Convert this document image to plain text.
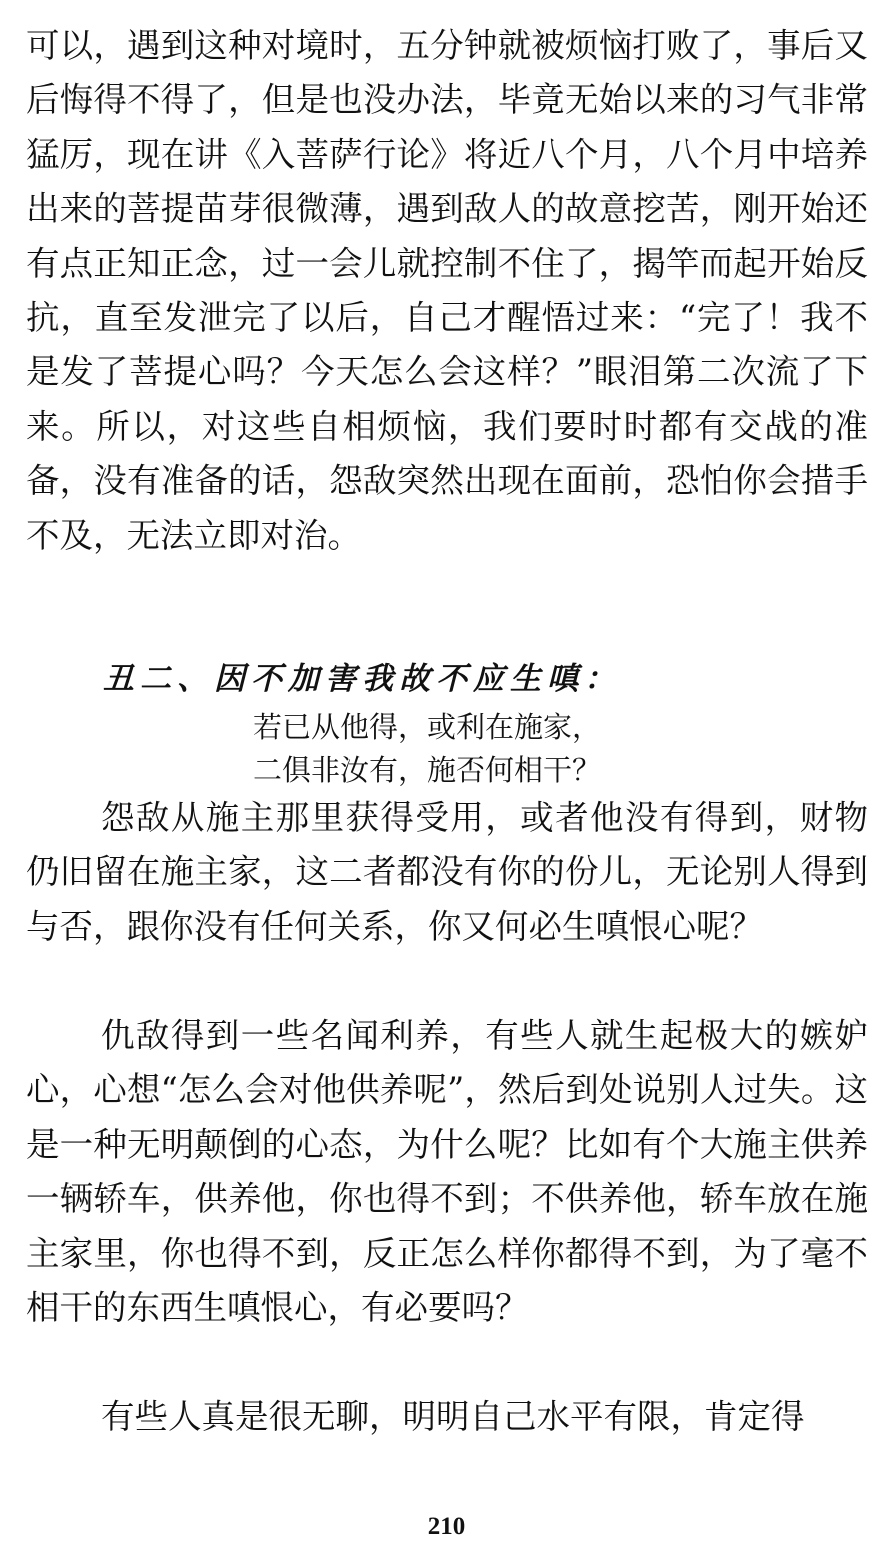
可以，遇到这种对境时，五分钟就被烦恼打败了，事后又后悔得不得了，但是也没办法，毕竟无始以来的习气非常猛厉，现在讲《入菩萨行论》将近八个月，八个月中培养出来的菩提苗芽很微薄，遇到敌人的故意挖苦，刚开始还有点正知正念，过一会儿就控制不住了，揭竿而起开始反抗，直至发泄完了以后，自己才醒悟过来：“完了！我不是发了菩提心吗？今天怎么会这样？”眼泪第二次流了下来。所以，对这些自相烦恼，我们要时时都有交战的准备，没有准备的话，怨敌突然出现在面前，恐怕你会措手不及，无法立即对治。

丑二、因不加害我故不应生嗔：

若已从他得，或利在施家，

二俱非汝有，施否何相干？

怨敌从施主那里获得受用，或者他没有得到，财物仍旧留在施主家，这二者都没有你的份儿，无论别人得到与否，跟你没有任何关系，你又何必生嗔恨心呢？

仇敌得到一些名闻利养，有些人就生起极大的嫉妒心，心想“怎么会对他供养呢”，然后到处说别人过失。这是一种无明颠倒的心态，为什么呢？比如有个大施主供养一辆轿车，供养他，你也得不到；不供养他，轿车放在施主家里，你也得不到，反正怎么样你都得不到，为了毫不相干的东西生嗔恨心，有必要吗？

有些人真是很无聊，明明自己水平有限，肯定得

210
